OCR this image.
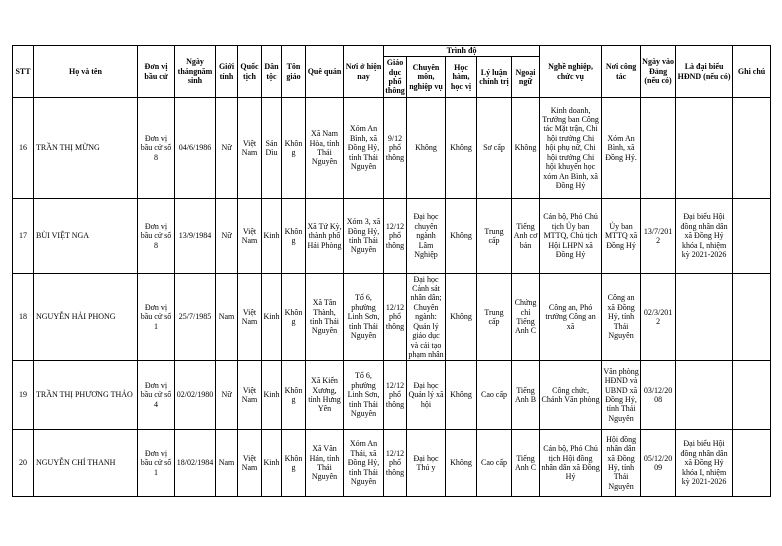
STT	Họ và tên	Đơn vị bầu cử	Ngày thángnăm sinh	Giới tính	Quốc tịch	Dân tộc	Tôn giáo	Quê quán	Nơi ở hiện nay	Trình độ					Nghề nghiệp, chức vụ	Nơi công tác	Ngày vào Đảng (nếu có)	Là đại biểu HĐND (nếu có)	Ghi chú
										Giáo dục phổ thông	Chuyên môn, nghiệp vụ	Học hàm, học vị	Lý luận chính trị	Ngoại ngữ					
16	TRẦN THỊ MỪNG	Đơn vị bầu cử số 8	04/6/1986	Nữ	Việt Nam	Sán Dìu	Không	Xã Nam Hòa, tỉnh Thái Nguyên	Xóm An Bình, xã Đồng Hỷ, tỉnh Thái Nguyên	9/12 phổ thông	Không	Không	Sơ cấp	Không	Kinh doanh, Trưởng ban Công tác Mặt trận, Chi hội trưởng Chi hội phụ nữ, Chi hội trưởng Chi hội khuyến học xóm An Bình, xã Đồng Hỷ	Xóm An Bình, xã Đồng Hỷ.			
17	BÙI VIỆT NGA	Đơn vị bầu cử số 8	13/9/1984	Nữ	Việt Nam	Kinh	Không	Xã Tứ Kỳ, thành phố Hải Phòng	Xóm 3, xã Đồng Hỷ, tỉnh Thái Nguyên	12/12 phổ thông	Đại học chuyên ngành Lâm Nghiệp	Không	Trung cấp	Tiếng Anh cơ bản	Cán bộ, Phó Chủ tịch Ủy ban MTTQ, Chủ tịch Hội LHPN xã Đồng Hỷ	Ủy ban MTTQ xã Đồng Hỷ	13/7/2012	Đại biểu Hội đồng nhân dân xã Đồng Hỷ khóa I, nhiệm kỳ 2021-2026	
18	NGUYỄN HẢI PHONG	Đơn vị bầu cử số 1	25/7/1985	Nam	Việt Nam	Kinh	Không	Xã Tân Thành, tỉnh Thái Nguyên	Tổ 6, phường Linh Sơn, tỉnh Thái Nguyên	12/12 phổ thông	Đại học Cảnh sát nhân dân; Chuyên ngành: Quản lý giáo dục và cải tạo phạm nhân	Không	Trung cấp	Chứng chỉ Tiếng Anh C	Công an, Phó trưởng Công an xã	Công an xã Đồng Hỷ, tỉnh Thái Nguyên	02/3/2012		
19	TRẦN THỊ PHƯƠNG THẢO	Đơn vị bầu cử số 4	02/02/1980	Nữ	Việt Nam	Kinh	Không	Xã Kiến Xương, tỉnh Hưng Yên	Tổ 6, phường Linh Sơn, tỉnh Thái Nguyên	12/12 phổ thông	Đại học Quản lý xã hội	Không	Cao cấp	Tiếng Anh B	Công chức, Chánh Văn phòng	Văn phòng HĐND và UBND xã Đồng Hỷ, tỉnh Thái Nguyên	03/12/2008		
20	NGUYỄN CHÍ THANH	Đơn vị bầu cử số 1	18/02/1984	Nam	Việt Nam	Kinh	Không	Xã Văn Hán, tỉnh Thái Nguyên	Xóm An Thái, xã Đồng Hỷ, tỉnh Thái Nguyên	12/12 phổ thông	Đại học Thú y	Không	Cao cấp	Tiếng Anh C	Cán bộ, Phó Chủ tịch Hội đồng nhân dân xã Đồng Hỷ	Hội đồng nhân dân xã Đồng Hỷ, tỉnh Thái Nguyên	05/12/2009	Đại biểu Hội đồng nhân dân xã Đồng Hỷ khóa I, nhiệm kỳ 2021-2026	
